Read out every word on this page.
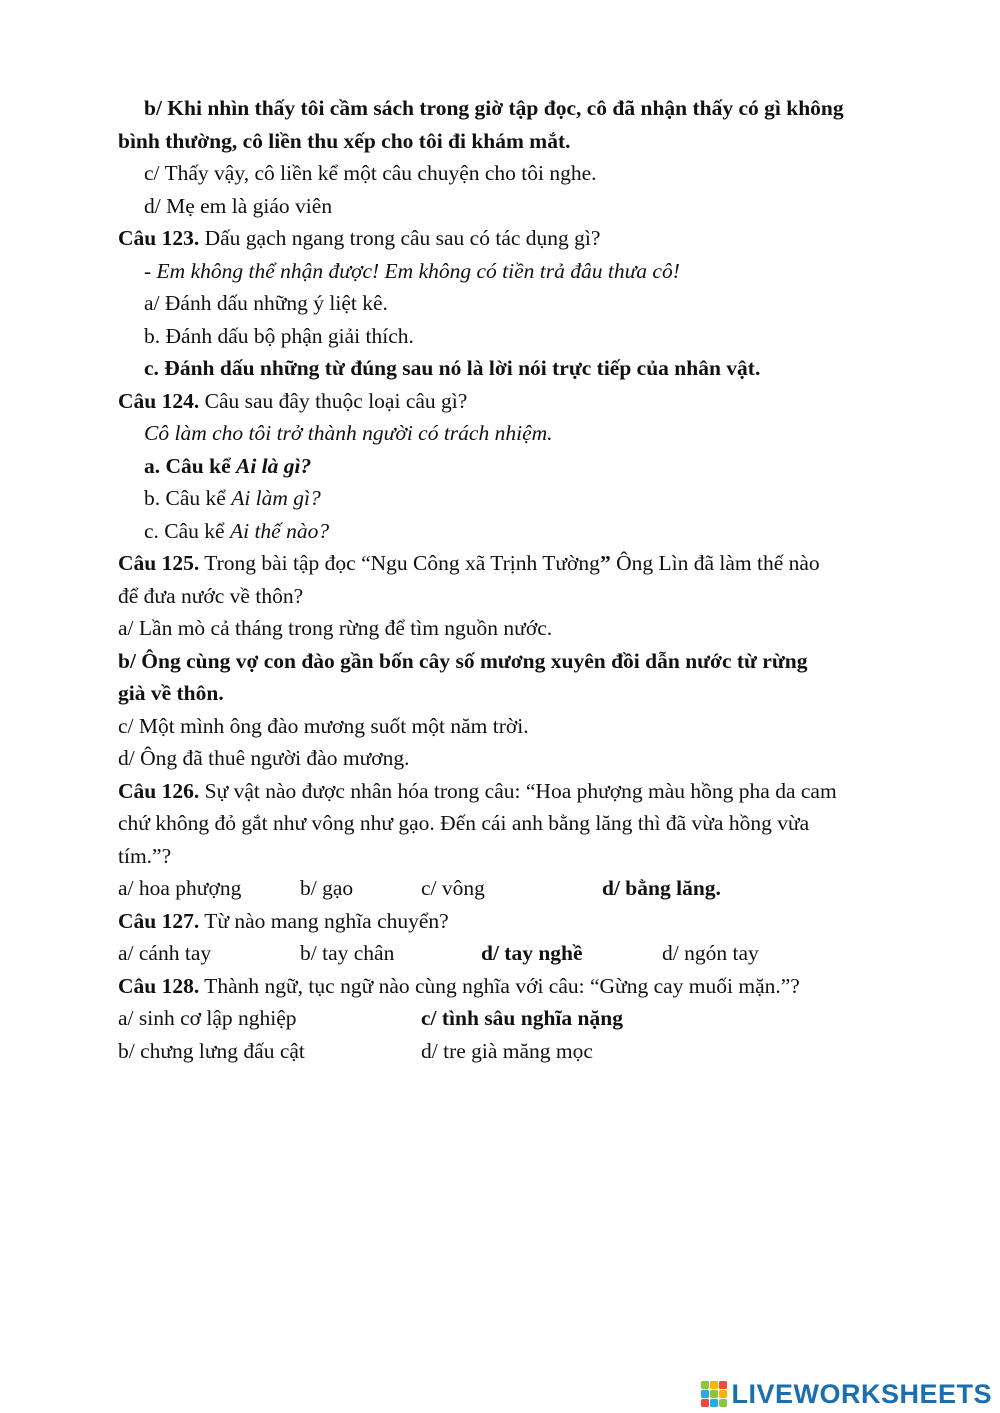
b/ Khi nhìn thấy tôi cầm sách trong giờ tập đọc, cô đã nhận thấy có gì không
bình thường, cô liền thu xếp cho tôi đi khám mắt.
c/ Thấy vậy, cô liền kể một câu chuyện cho tôi nghe.
d/ Mẹ em là giáo viên
Câu 123. Dấu gạch ngang trong câu sau có tác dụng gì?
- Em không thể nhận được! Em không có tiền trả đâu thưa cô!
a/ Đánh dấu những ý liệt kê.
b. Đánh dấu bộ phận giải thích.
c. Đánh dấu những từ đúng sau nó là lời nói trực tiếp của nhân vật.
Câu 124. Câu sau đây thuộc loại câu gì?
Cô làm cho tôi trở thành người có trách nhiệm.
a. Câu kể Ai là gì?
b. Câu kể Ai làm gì?
c. Câu kể Ai thế nào?
Câu 125. Trong bài tập đọc “Ngu Công xã Trịnh Tường” Ông Lìn đã làm thế nào
để đưa nước về thôn?
a/ Lần mò cả tháng trong rừng để tìm nguồn nước.
b/ Ông cùng vợ con đào gần bốn cây số mương xuyên đồi dẫn nước từ rừng
già về thôn.
c/ Một mình ông đào mương suốt một năm trời.
d/ Ông đã thuê người đào mương.
Câu 126. Sự vật nào được nhân hóa trong câu: “Hoa phượng màu hồng pha da cam
chứ không đỏ gắt như vông như gạo. Đến cái anh bằng lăng thì đã vừa hồng vừa
tím.”?
a/ hoa phượng	b/ gạo	c/ vông	d/ bằng lăng.
Câu 127. Từ nào mang nghĩa chuyển?
a/ cánh tay	b/ tay chân	d/ tay nghề	d/ ngón tay
Câu 128. Thành ngữ, tục ngữ nào cùng nghĩa với câu: “Gừng cay muối mặn.”?
a/ sinh cơ lập nghiệp	c/ tình sâu nghĩa nặng
b/ chưng lưng đấu cật	d/ tre già măng mọc
LIVEWORKSHEETS
